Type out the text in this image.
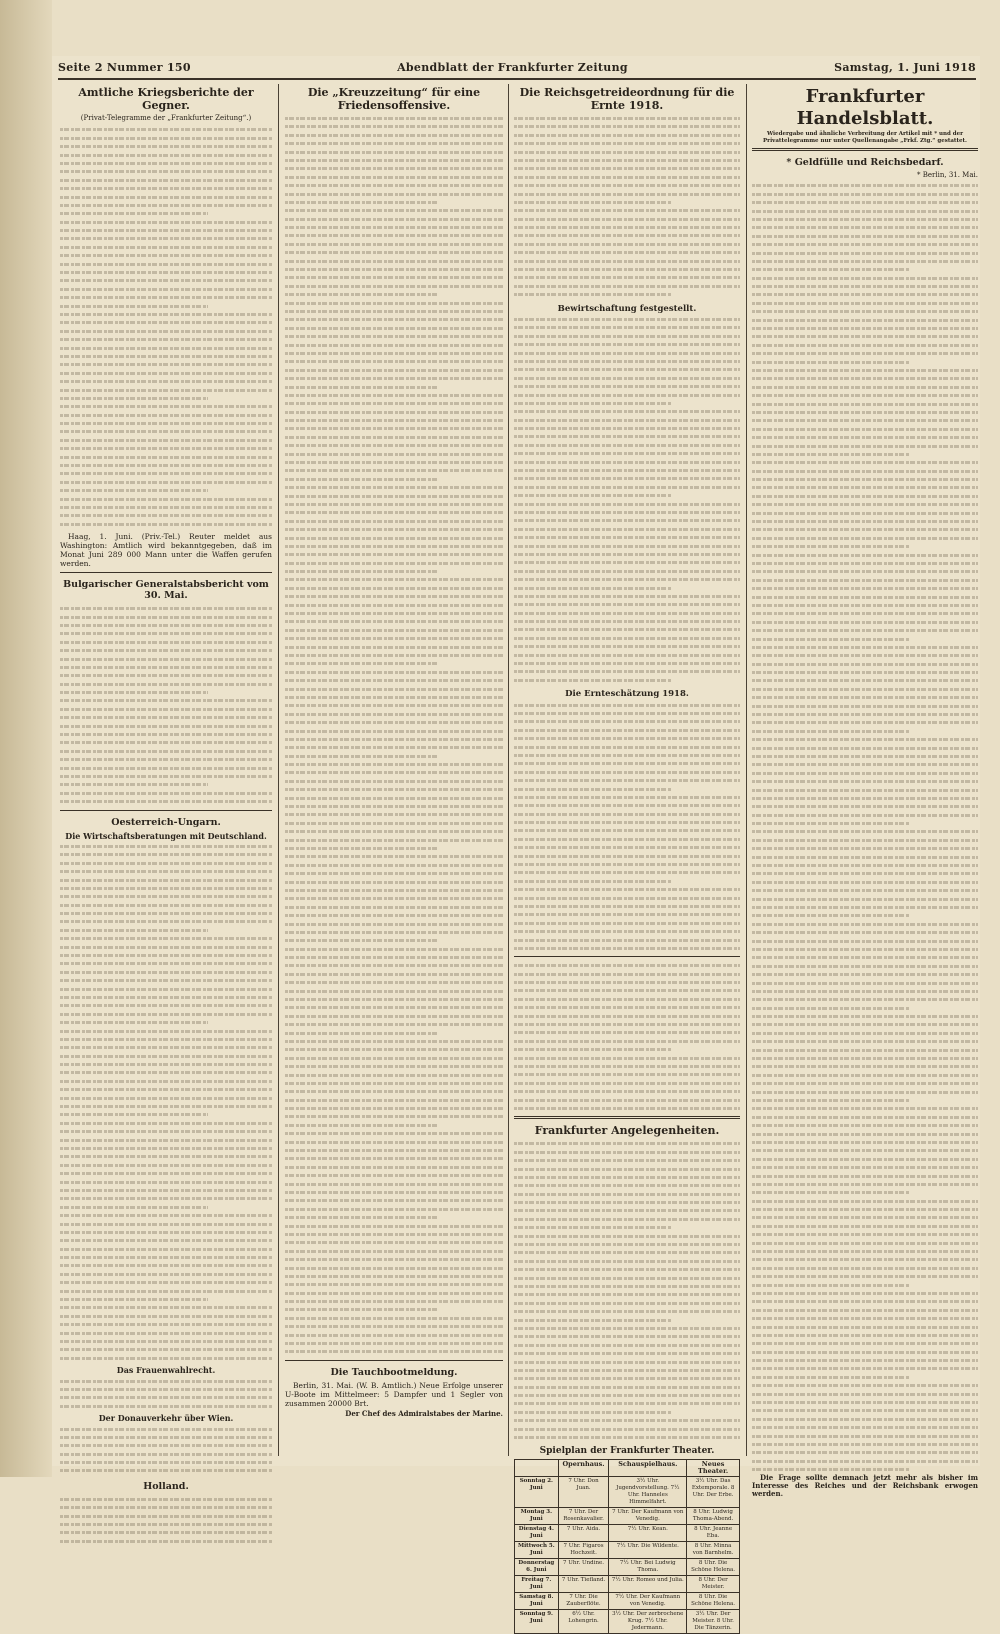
Seite 2 Nummer 150	Abendblatt der Frankfurter Zeitung	Samstag, 1. Juni 1918
Amtliche Kriegsberichte der Gegner.
(Privat-Telegramme der „Frankfurter Zeitung“.)
Haag, 1. Juni. (Priv.-Tel.) Reuter meldet aus Washington: Amtlich wird bekanntgegeben, daß im Monat Juni 289 000 Mann unter die Waffen gerufen werden.
Bulgarischer Generalstabsbericht vom 30. Mai.
Oesterreich-Ungarn.
Die Wirtschaftsberatungen mit Deutschland.
Das Frauenwahlrecht.
Der Donauverkehr über Wien.
Holland.
Die „Kreuzzeitung“ für eine Friedensoffensive.
Die Tauchbootmeldung.
Berlin, 31. Mai. (W. B. Amtlich.) Neue Erfolge unserer U-Boote im Mittelmeer: 5 Dampfer und 1 Segler von zusammen 20000 Brt.
Der Chef des Admiralstabes der Marine.
Die Reichsgetreideordnung für die Ernte 1918.
Bewirtschaftung festgestellt.
Die Ernteschätzung 1918.
Frankfurter Angelegenheiten.
Spielplan der Frankfurter Theater.
	Opernhaus.	Schauspielhaus.	Neues Theater.
Sonntag 2. Juni	7 Uhr. Don Juan.	3½ Uhr. Jugendvorstellung. 7½ Uhr. Hanneles Himmelfahrt.	3½ Uhr. Das Extemporale. 8 Uhr. Der Erbe.
Montag 3. Juni	7 Uhr. Der Rosenkavalier.	7 Uhr. Der Kaufmann von Venedig.	8 Uhr. Ludwig Thoma-Abend.
Dienstag 4. Juni	7 Uhr. Aida.	7½ Uhr. Kean.	8 Uhr. Jeanne Eba.
Mittwoch 5. Juni	7 Uhr. Figaros Hochzeit.	7½ Uhr. Die Wildente.	8 Uhr. Minna von Barnhelm.
Donnerstag 6. Juni	7 Uhr. Undine.	7½ Uhr. Bei Ludwig Thoma.	8 Uhr. Die Schöne Helena.
Freitag 7. Juni	7 Uhr. Tiefland.	7½ Uhr. Romeo und Julia.	8 Uhr. Der Meister.
Samstag 8. Juni	7 Uhr. Die Zauberflöte.	7½ Uhr. Der Kaufmann von Venedig.	8 Uhr. Die Schöne Helena.
Sonntag 9. Juni	6½ Uhr. Lohengrin.	3½ Uhr. Der zerbrochene Krug. 7½ Uhr. Jedermann.	3½ Uhr. Der Meister. 8 Uhr. Die Tänzerin.
Frankfurter Handelsblatt.
Wiedergabe und ähnliche Verbreitung der Artikel mit * und der Privattelegramme nur unter Quellenangabe „Frkf. Ztg.“ gestattet.
* Geldfülle und Reichsbedarf.
* Berlin, 31. Mai.
Die Frage sollte demnach jetzt mehr als bisher im Interesse des Reiches und der Reichsbank erwogen werden.
